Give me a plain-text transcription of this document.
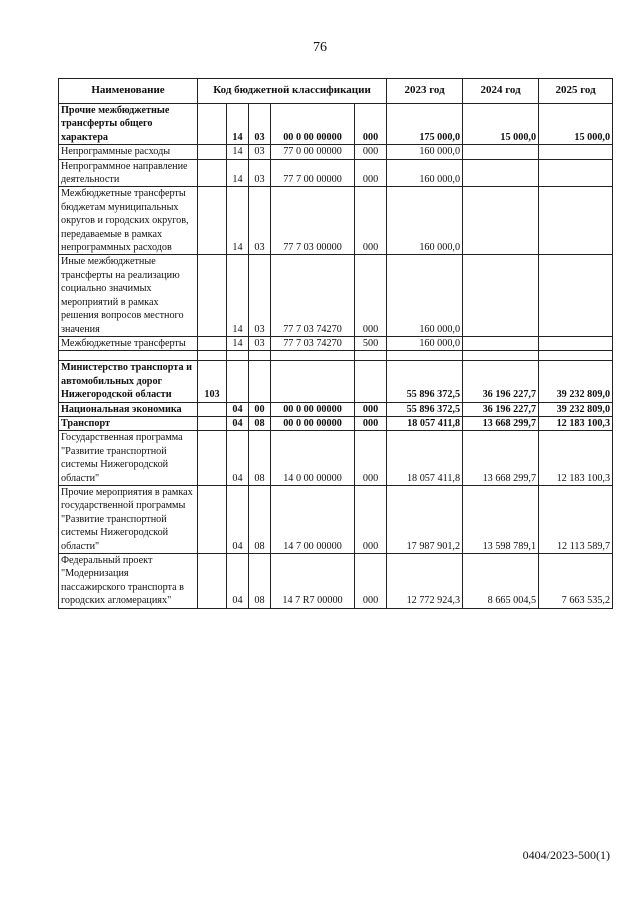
76
Наименование	Код бюджетной классификации					2023 год	2024 год	2025 год
Прочие межбюджетные трансферты общего характера		14	03	00 0 00 00000	000	175 000,0	15 000,0	15 000,0
Непрограммные расходы		14	03	77 0 00 00000	000	160 000,0		
Непрограммное направление деятельности		14	03	77 7 00 00000	000	160 000,0		
Межбюджетные трансферты бюджетам муниципальных округов и городских округов, передаваемые в рамках непрограммных расходов		14	03	77 7 03 00000	000	160 000,0		
Иные межбюджетные трансферты на реализацию социально значимых мероприятий в рамках решения вопросов местного значения		14	03	77 7 03 74270	000	160 000,0		
Межбюджетные трансферты		14	03	77 7 03 74270	500	160 000,0		

Министерство транспорта и автомобильных дорог Нижегородской области	103					55 896 372,5	36 196 227,7	39 232 809,0
Национальная экономика		04	00	00 0 00 00000	000	55 896 372,5	36 196 227,7	39 232 809,0
Транспорт		04	08	00 0 00 00000	000	18 057 411,8	13 668 299,7	12 183 100,3
Государственная программа "Развитие транспортной системы Нижегородской области"		04	08	14 0 00 00000	000	18 057 411,8	13 668 299,7	12 183 100,3
Прочие мероприятия в рамках государственной программы "Развитие транспортной системы Нижегородской области"		04	08	14 7 00 00000	000	17 987 901,2	13 598 789,1	12 113 589,7
Федеральный проект "Модернизация пассажирского транспорта в городских агломерациях"		04	08	14 7 R7 00000	000	12 772 924,3	8 665 004,5	7 663 535,2
0404/2023-500(1)
